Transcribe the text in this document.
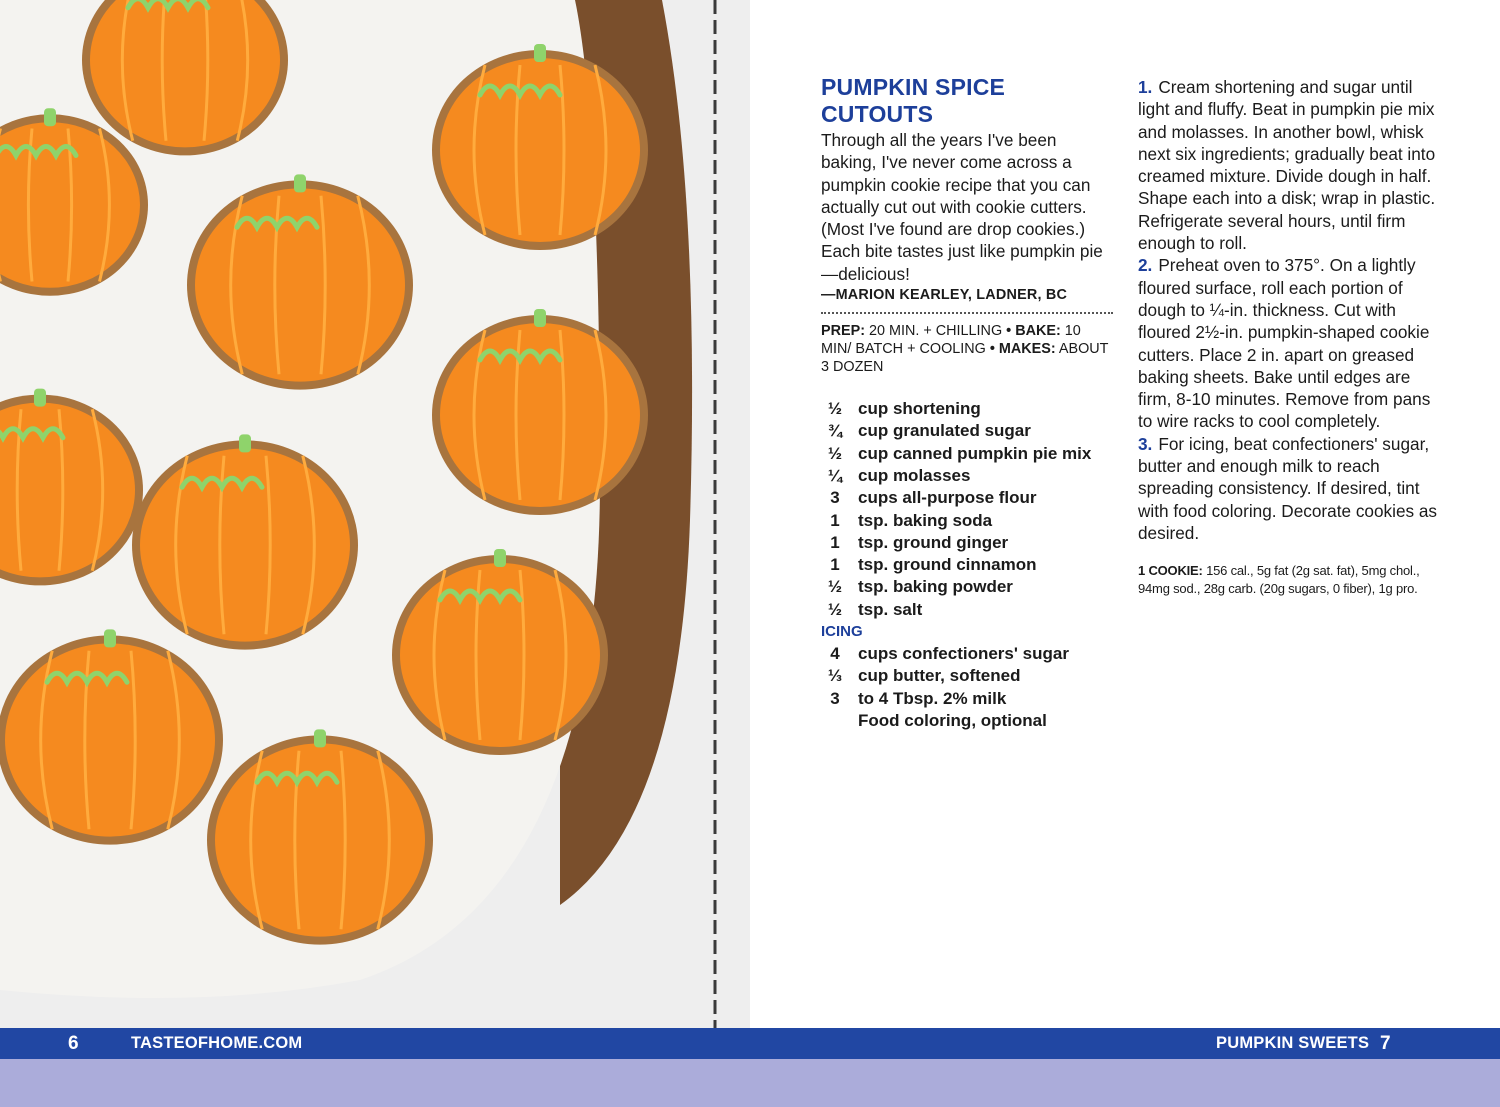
PUMPKIN SPICE CUTOUTS

Through all the years I've been baking, I've never come across a pumpkin cookie recipe that you can actually cut out with cookie cutters. (Most I've found are drop cookies.) Each bite tastes just like pumpkin pie—delicious!

—MARION KEARLEY, LADNER, BC
PREP: 20 MIN. + CHILLING • BAKE: 10 MIN/ BATCH + COOLING • MAKES: ABOUT 3 DOZEN
½ cup shortening
¾ cup granulated sugar
½ cup canned pumpkin pie mix
¼ cup molasses
3	cups all-purpose flour
1	tsp. baking soda
1	tsp. ground ginger
1	tsp. ground cinnamon
½ tsp. baking powder
½ tsp. salt
ICING
4	cups confectioners' sugar
⅓ cup butter, softened
3	to 4 Tbsp. 2% milk
Food coloring, optional

1. Cream shortening and sugar until light and fluffy. Beat in pumpkin pie mix and molasses. In another bowl, whisk next six ingredients; gradually beat into creamed mixture. Divide dough in half. Shape each into a disk; wrap in plastic. Refrigerate several hours, until firm enough to roll.

2. Preheat oven to 375°. On a lightly floured surface, roll each portion of dough to ¼-in. thickness. Cut with floured 2½-in. pumpkin-shaped cookie cutters. Place 2 in. apart on greased baking sheets. Bake until edges are firm, 8-10 minutes. Remove from pans to wire racks to cool completely.

3. For icing, beat confectioners' sugar, butter and enough milk to reach spreading consistency. If desired, tint with food coloring. Decorate cookies as desired.

1 COOKIE: 156 cal., 5g fat (2g sat. fat), 5mg chol., 94mg sod., 28g carb. (20g sugars, 0 fiber), 1g pro.
6	TASTEOFHOME.COM	PUMPKIN SWEETS 7
